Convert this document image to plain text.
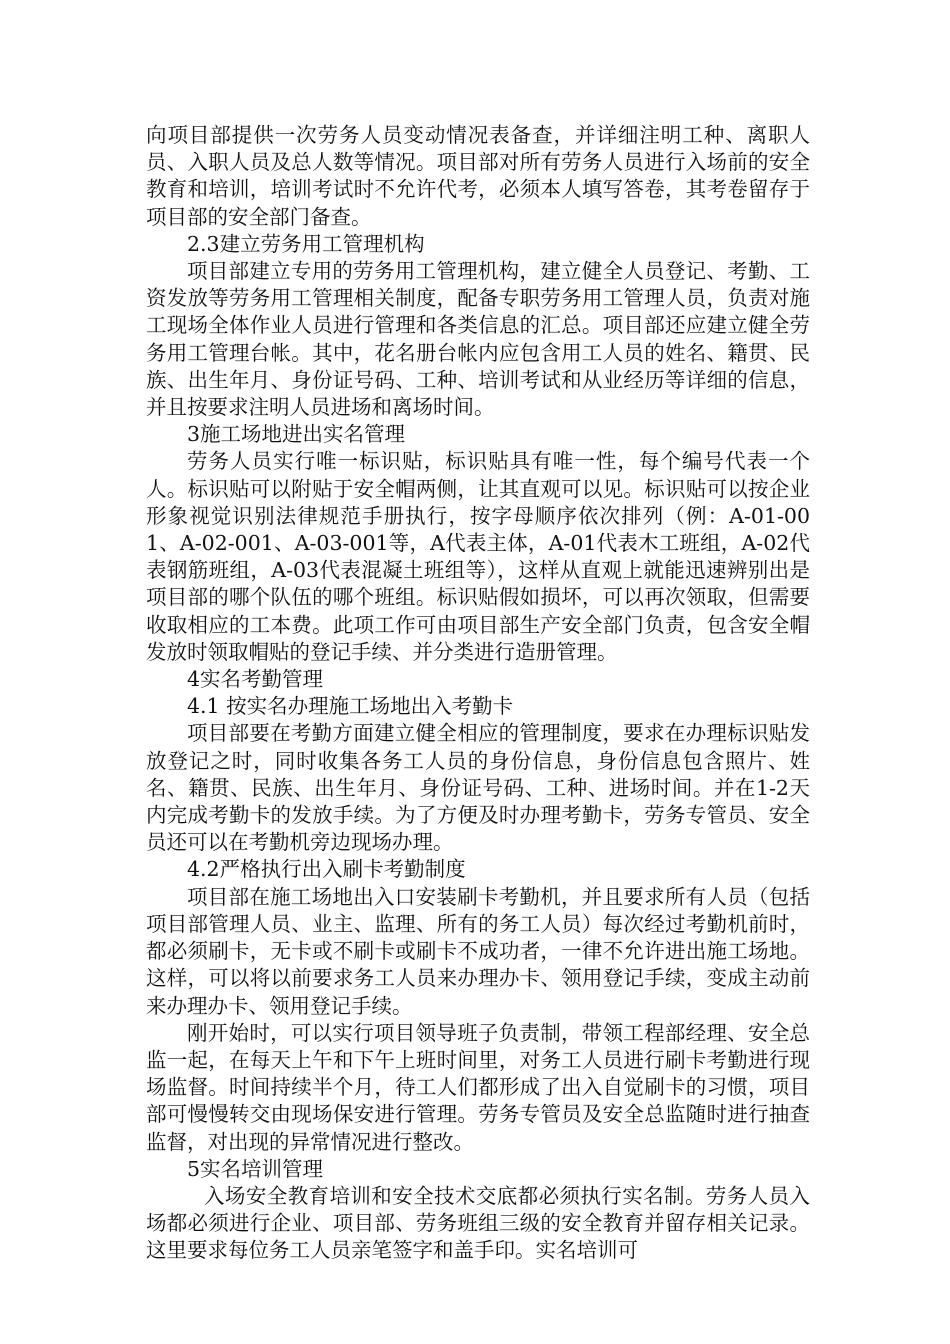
向项目部提供一次劳务人员变动情况表备查，并详细注明工种、离职人员、入职人员及总人数等情况。项目部对所有劳务人员进行入场前的安全教育和培训，培训考试时不允许代考，必须本人填写答卷，其考卷留存于项目部的安全部门备查。

2.3建立劳务用工管理机构

项目部建立专用的劳务用工管理机构，建立健全人员登记、考勤、工资发放等劳务用工管理相关制度，配备专职劳务用工管理人员，负责对施工现场全体作业人员进行管理和各类信息的汇总。项目部还应建立健全劳务用工管理台帐。其中，花名册台帐内应包含用工人员的姓名、籍贯、民族、出生年月、身份证号码、工种、培训考试和从业经历等详细的信息，并且按要求注明人员进场和离场时间。

3施工场地进出实名管理

劳务人员实行唯一标识贴，标识贴具有唯一性，每个编号代表一个人。标识贴可以附贴于安全帽两侧，让其直观可以见。标识贴可以按企业形象视觉识别法律规范手册执行，按字母顺序依次排列（例：A-01-001、A-02-001、A-03-001等，A代表主体，A-01代表木工班组，A-02代表钢筋班组，A-03代表混凝土班组等），这样从直观上就能迅速辨别出是项目部的哪个队伍的哪个班组。标识贴假如损坏，可以再次领取，但需要收取相应的工本费。此项工作可由项目部生产安全部门负责，包含安全帽发放时领取帽贴的登记手续、并分类进行造册管理。

4实名考勤管理

4.1 按实名办理施工场地出入考勤卡

项目部要在考勤方面建立健全相应的管理制度，要求在办理标识贴发放登记之时，同时收集各务工人员的身份信息，身份信息包含照片、姓名、籍贯、民族、出生年月、身份证号码、工种、进场时间。并在1-2天内完成考勤卡的发放手续。为了方便及时办理考勤卡，劳务专管员、安全员还可以在考勤机旁边现场办理。

4.2严格执行出入刷卡考勤制度

项目部在施工场地出入口安装刷卡考勤机，并且要求所有人员（包括项目部管理人员、业主、监理、所有的务工人员）每次经过考勤机前时，都必须刷卡，无卡或不刷卡或刷卡不成功者，一律不允许进出施工场地。这样，可以将以前要求务工人员来办理办卡、领用登记手续，变成主动前来办理办卡、领用登记手续。

刚开始时，可以实行项目领导班子负责制，带领工程部经理、安全总监一起，在每天上午和下午上班时间里，对务工人员进行刷卡考勤进行现场监督。时间持续半个月，待工人们都形成了出入自觉刷卡的习惯，项目部可慢慢转交由现场保安进行管理。劳务专管员及安全总监随时进行抽查监督，对出现的异常情况进行整改。

5实名培训管理

入场安全教育培训和安全技术交底都必须执行实名制。劳务人员入场都必须进行企业、项目部、劳务班组三级的安全教育并留存相关记录。这里要求每位务工人员亲笔签字和盖手印。实名培训可
